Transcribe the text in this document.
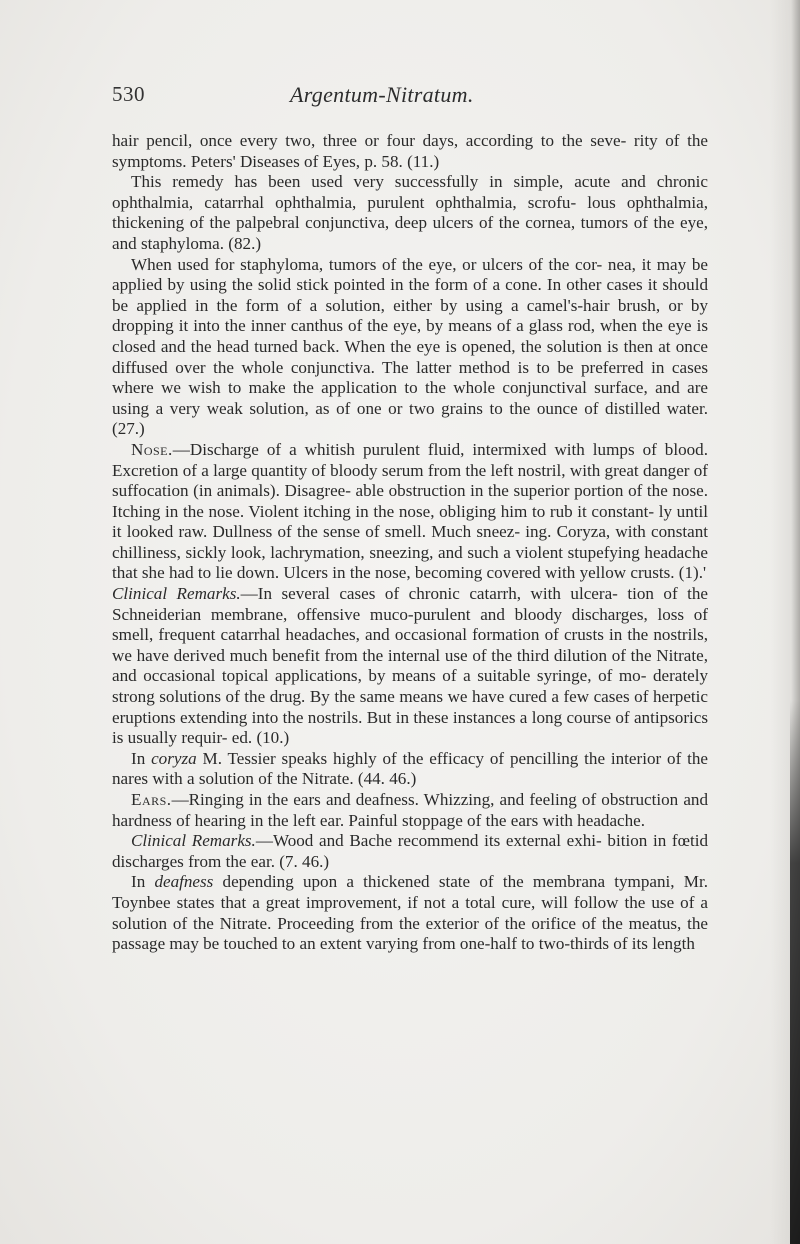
530	Argentum-Nitratum.

hair pencil, once every two, three or four days, according to the seve- rity of the symptoms. Peters' Diseases of Eyes, p. 58. (11.)

This remedy has been used very successfully in simple, acute and chronic ophthalmia, catarrhal ophthalmia, purulent ophthalmia, scrofu- lous ophthalmia, thickening of the palpebral conjunctiva, deep ulcers of the cornea, tumors of the eye, and staphyloma. (82.)

When used for staphyloma, tumors of the eye, or ulcers of the cor- nea, it may be applied by using the solid stick pointed in the form of a cone. In other cases it should be applied in the form of a solution, either by using a camel's-hair brush, or by dropping it into the inner canthus of the eye, by means of a glass rod, when the eye is closed and the head turned back. When the eye is opened, the solution is then at once diffused over the whole conjunctiva. The latter method is to be preferred in cases where we wish to make the application to the whole conjunctival surface, and are using a very weak solution, as of one or two grains to the ounce of distilled water. (27.)

Nose.—Discharge of a whitish purulent fluid, intermixed with lumps of blood. Excretion of a large quantity of bloody serum from the left nostril, with great danger of suffocation (in animals). Disagree- able obstruction in the superior portion of the nose. Itching in the nose. Violent itching in the nose, obliging him to rub it constant- ly until it looked raw. Dullness of the sense of smell. Much sneez- ing. Coryza, with constant chilliness, sickly look, lachrymation, sneezing, and such a violent stupefying headache that she had to lie down. Ulcers in the nose, becoming covered with yellow crusts. (1).'

Clinical Remarks.—In several cases of chronic catarrh, with ulcera- tion of the Schneiderian membrane, offensive muco-purulent and bloody discharges, loss of smell, frequent catarrhal headaches, and occasional formation of crusts in the nostrils, we have derived much benefit from the internal use of the third dilution of the Nitrate, and occasional topical applications, by means of a suitable syringe, of mo- derately strong solutions of the drug. By the same means we have cured a few cases of herpetic eruptions extending into the nostrils. But in these instances a long course of antipsorics is usually requir- ed. (10.)

In coryza M. Tessier speaks highly of the efficacy of pencilling the interior of the nares with a solution of the Nitrate. (44. 46.)

Ears.—Ringing in the ears and deafness. Whizzing, and feeling of obstruction and hardness of hearing in the left ear. Painful stoppage of the ears with headache.

Clinical Remarks.—Wood and Bache recommend its external exhi- bition in fœtid discharges from the ear. (7. 46.)

In deafness depending upon a thickened state of the membrana tympani, Mr. Toynbee states that a great improvement, if not a total cure, will follow the use of a solution of the Nitrate. Proceeding from the exterior of the orifice of the meatus, the passage may be touched to an extent varying from one-half to two-thirds of its length
